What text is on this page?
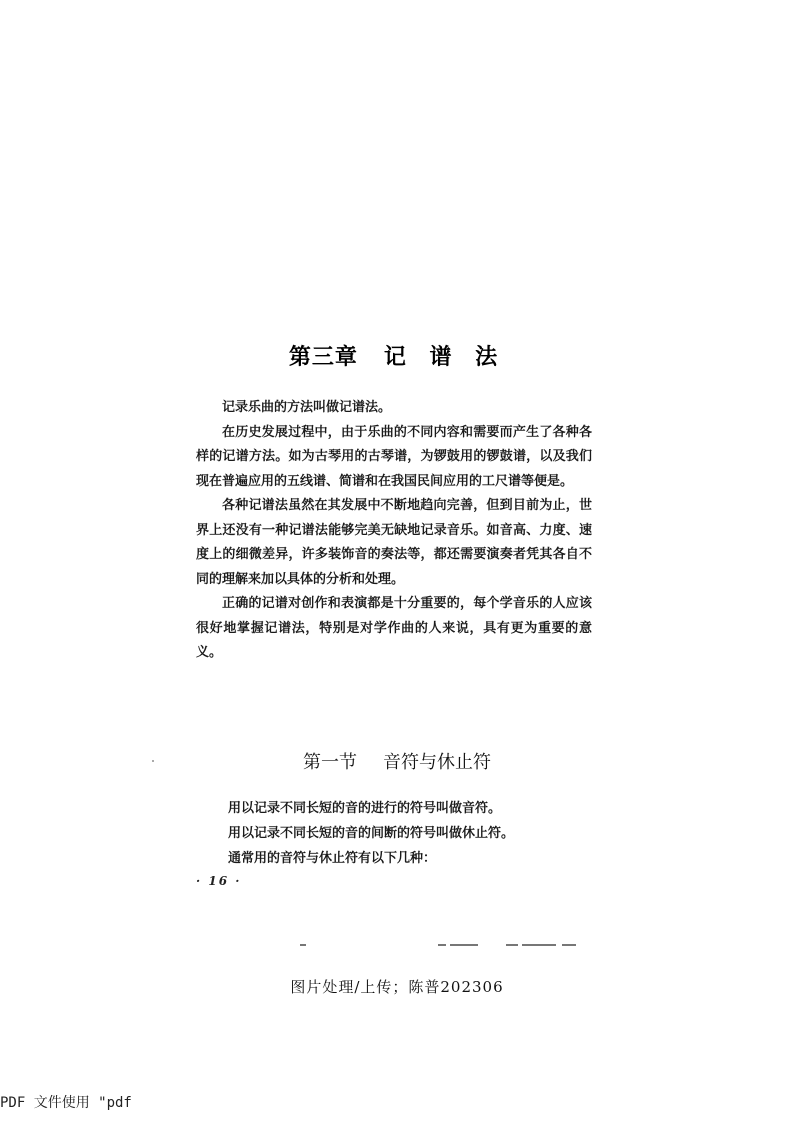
第三章 记 谱 法

记录乐曲的方法叫做记谱法。

在历史发展过程中，由于乐曲的不同内容和需要而产生了各种各样的记谱方法。如为古琴用的古琴谱，为锣鼓用的锣鼓谱，以及我们现在普遍应用的五线谱、简谱和在我国民间应用的工尺谱等便是。

各种记谱法虽然在其发展中不断地趋向完善，但到目前为止，世界上还没有一种记谱法能够完美无缺地记录音乐。如音高、力度、速度上的细微差异，许多装饰音的奏法等，都还需要演奏者凭其各自不同的理解来加以具体的分析和处理。

正确的记谱对创作和表演都是十分重要的，每个学音乐的人应该很好地掌握记谱法，特别是对学作曲的人来说，具有更为重要的意义。

第一节 音符与休止符

用以记录不同长短的音的进行的符号叫做音符。

用以记录不同长短的音的间断的符号叫做休止符。

通常用的音符与休止符有以下几种：

· 16 ·
图片处理/上传；陈普202306
PDF 文件使用 "pdf
